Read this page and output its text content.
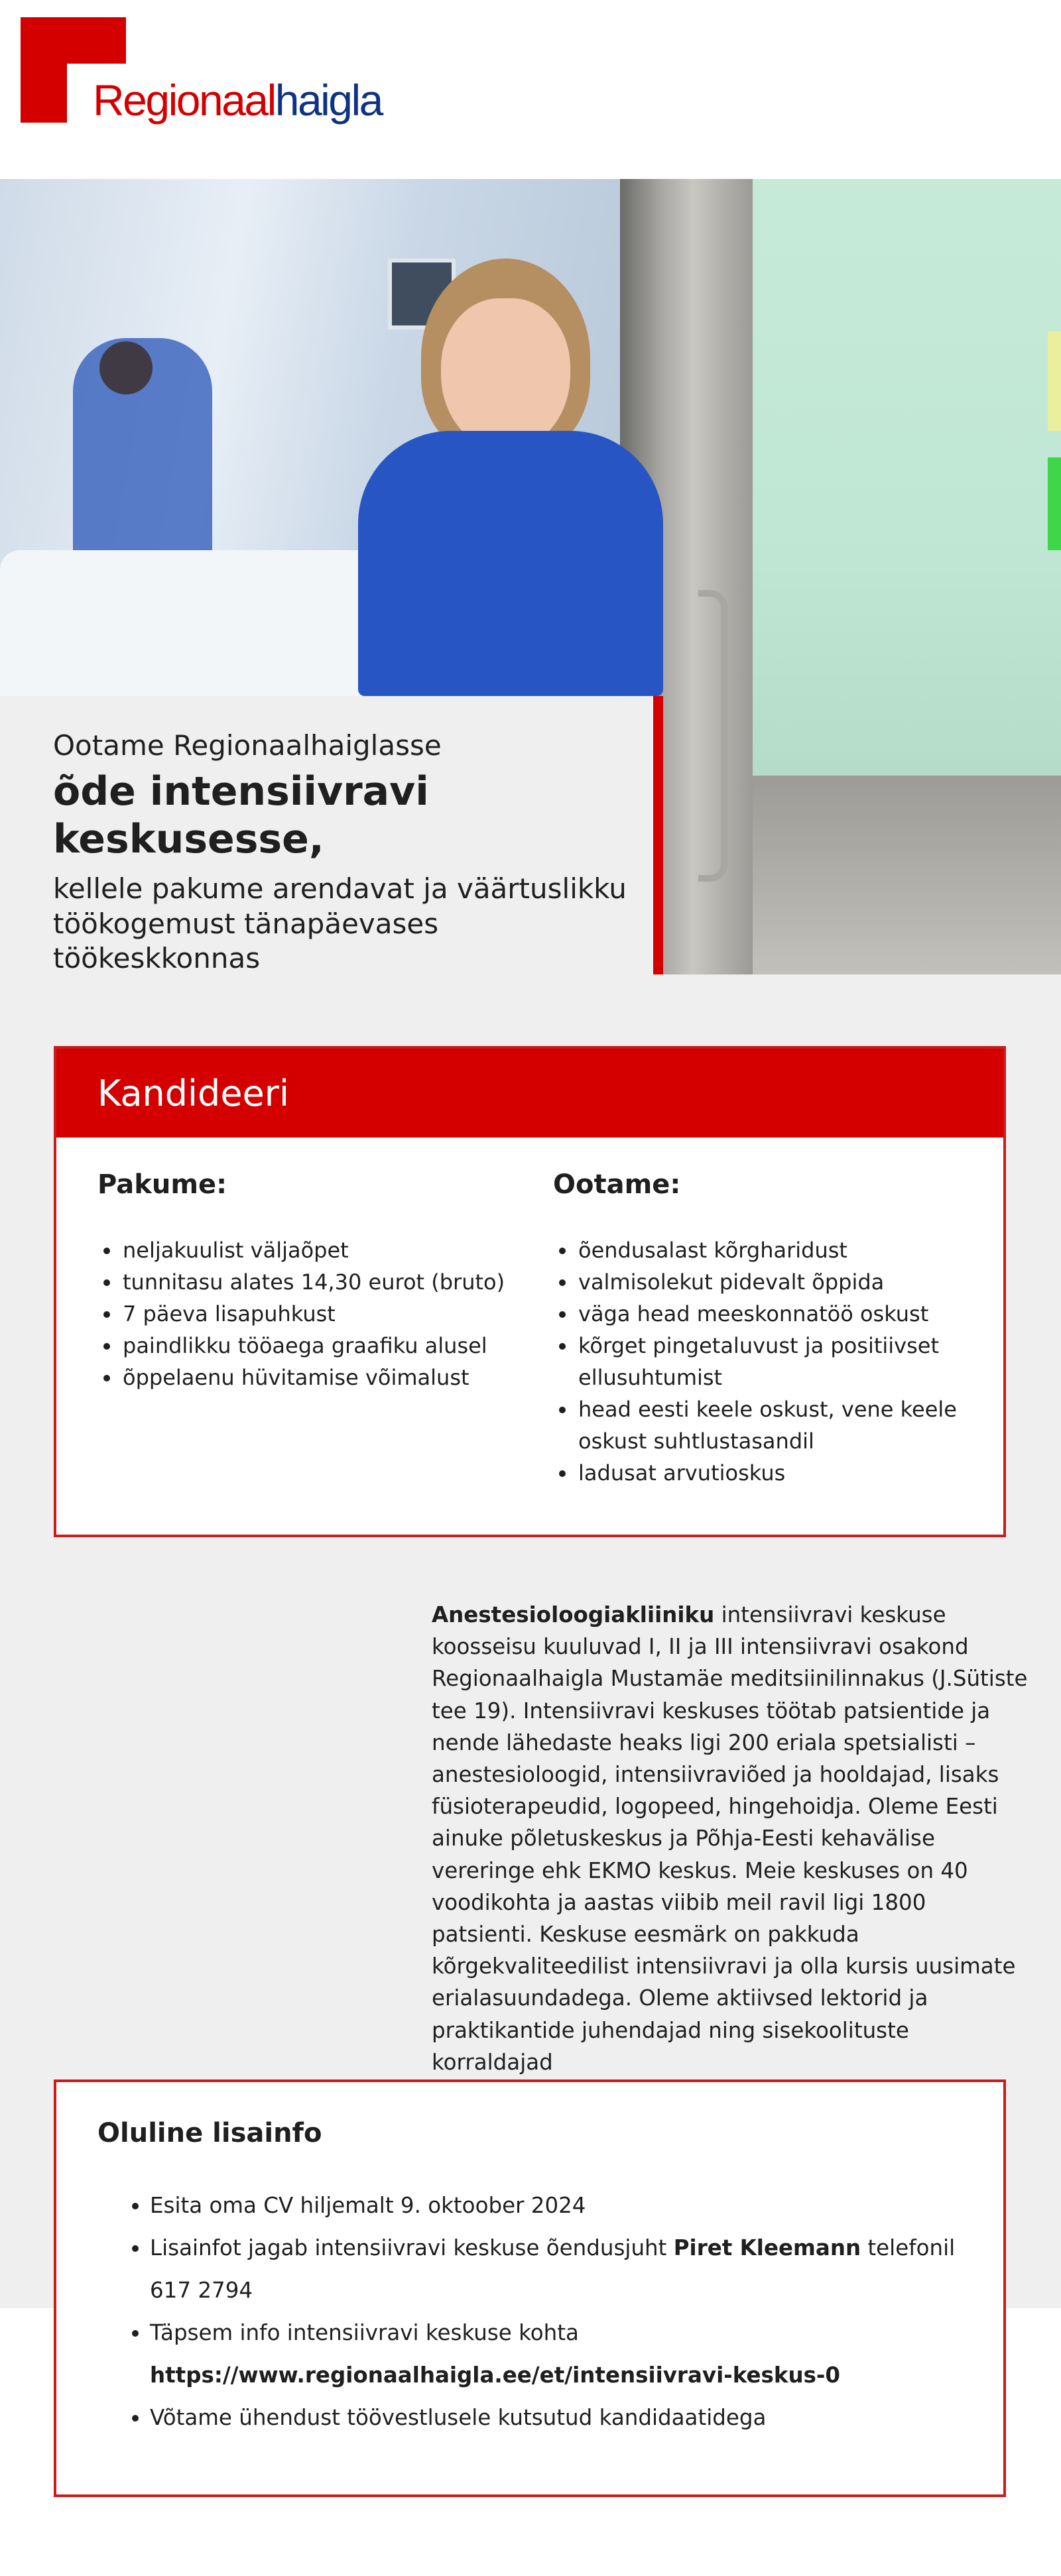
Regionaalhaigla
Ootame Regionaalhaiglasse
õde intensiivravi keskusesse,
kellele pakume arendavat ja väärtuslikku töökogemust tänapäevases töökeskkonnas
Kandideeri
Pakume:
• neljakuulist väljaõpet
• tunnitasu alates 14,30 eurot (bruto)
• 7 päeva lisapuhkust
• paindlikku tööaega graafiku alusel
• õppelaenu hüvitamise võimalust
Ootame:
• õendusalast kõrgharidust
• valmisolekut pidevalt õppida
• väga head meeskonnatöö oskust
• kõrget pingetaluvust ja positiivset ellusuhtumist
• head eesti keele oskust, vene keele oskust suhtlustasandil
• ladusat arvutioskus
Anestesioloogiakliiniku intensiivravi keskuse koosseisu kuuluvad I, II ja III intensiivravi osakond Regionaalhaigla Mustamäe meditsiinilinnakus (J.Sütiste tee 19). Intensiivravi keskuses töötab patsientide ja nende lähedaste heaks ligi 200 eriala spetsialisti – anestesioloogid, intensiivraviõed ja hooldajad, lisaks füsioterapeudid, logopeed, hingehoidja. Oleme Eesti ainuke põletuskeskus ja Põhja-Eesti kehavälise vereringe ehk EKMO keskus. Meie keskuses on 40 voodikohta ja aastas viibib meil ravil ligi 1800 patsienti. Keskuse eesmärk on pakkuda kõrgekvaliteedilist intensiivravi ja olla kursis uusimate erialasuundadega. Oleme aktiivsed lektorid ja praktikantide juhendajad ning sisekoolituste korraldajad
Oluline lisainfo
• Esita oma CV hiljemalt 9. oktoober 2024
• Lisainfot jagab intensiivravi keskuse õendusjuht Piret Kleemann telefonil 617 2794
• Täpsem info intensiivravi keskuse kohta https://www.regionaalhaigla.ee/et/intensiivravi-keskus-0
• Võtame ühendust töövestlusele kutsutud kandidaatidega
